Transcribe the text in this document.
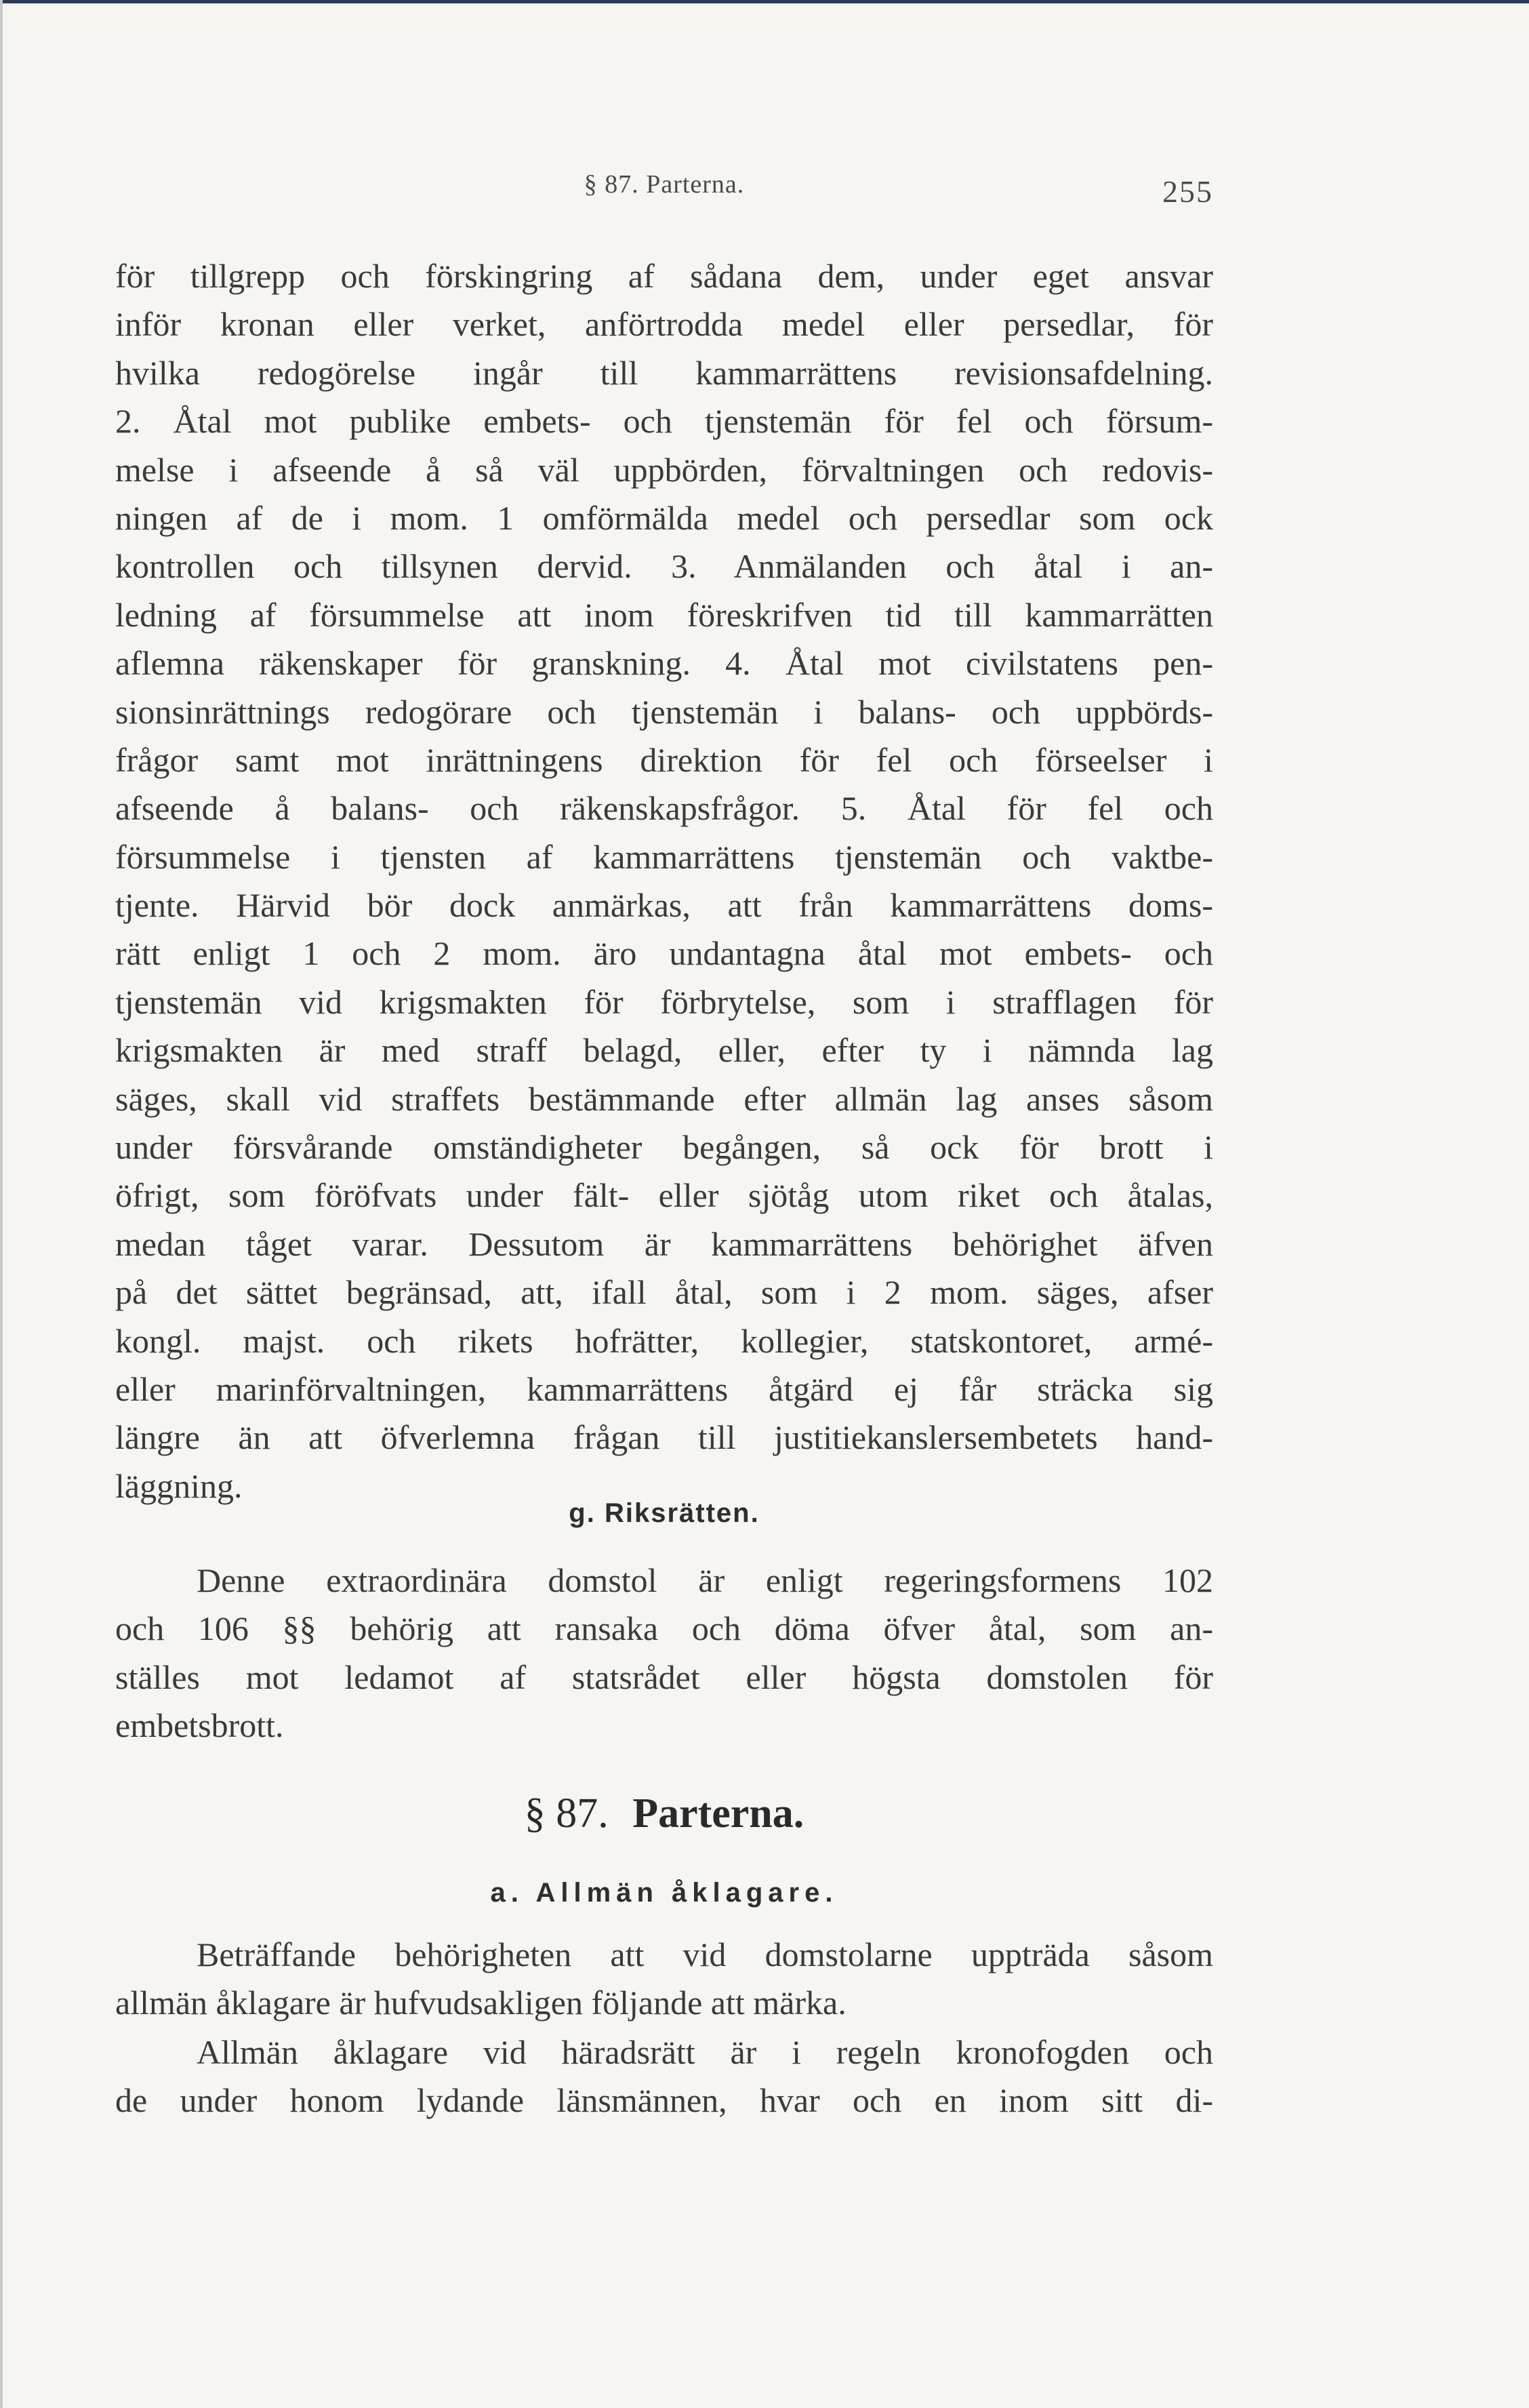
§ 87. Parterna.	255
för tillgrepp och förskingring af sådana dem, under eget ansvar
inför kronan eller verket, anförtrodda medel eller persedlar, för
hvilka redogörelse ingår till kammarrättens revisionsafdelning.
2. Åtal mot publike embets- och tjenstemän för fel och försum-
melse i afseende å så väl uppbörden, förvaltningen och redovis-
ningen af de i mom. 1 omförmälda medel och persedlar som ock
kontrollen och tillsynen dervid. 3. Anmälanden och åtal i an-
ledning af försummelse att inom föreskrifven tid till kammarrätten
aflemna räkenskaper för granskning. 4. Åtal mot civilstatens pen-
sionsinrättnings redogörare och tjenstemän i balans- och uppbörds-
frågor samt mot inrättningens direktion för fel och förseelser i
afseende å balans- och räkenskapsfrågor. 5. Åtal för fel och
försummelse i tjensten af kammarrättens tjenstemän och vaktbe-
tjente. Härvid bör dock anmärkas, att från kammarrättens doms-
rätt enligt 1 och 2 mom. äro undantagna åtal mot embets- och
tjenstemän vid krigsmakten för förbrytelse, som i strafflagen för
krigsmakten är med straff belagd, eller, efter ty i nämnda lag
säges, skall vid straffets bestämmande efter allmän lag anses såsom
under försvårande omständigheter begången, så ock för brott i
öfrigt, som föröfvats under fält- eller sjötåg utom riket och åtalas,
medan tåget varar. Dessutom är kammarrättens behörighet äfven
på det sättet begränsad, att, ifall åtal, som i 2 mom. säges, afser
kongl. majst. och rikets hofrätter, kollegier, statskontoret, armé-
eller marinförvaltningen, kammarrättens åtgärd ej får sträcka sig
längre än att öfverlemna frågan till justitiekanslersembetets hand-
läggning.
g. Riksrätten.
Denne extraordinära domstol är enligt regeringsformens 102
och 106 §§ behörig att ransaka och döma öfver åtal, som an-
ställes mot ledamot af statsrådet eller högsta domstolen för
embetsbrott.
§ 87. Parterna.
a. Allmän åklagare.
Beträffande behörigheten att vid domstolarne uppträda såsom
allmän åklagare är hufvudsakligen följande att märka.
Allmän åklagare vid häradsrätt är i regeln kronofogden och
de under honom lydande länsmännen, hvar och en inom sitt di-
